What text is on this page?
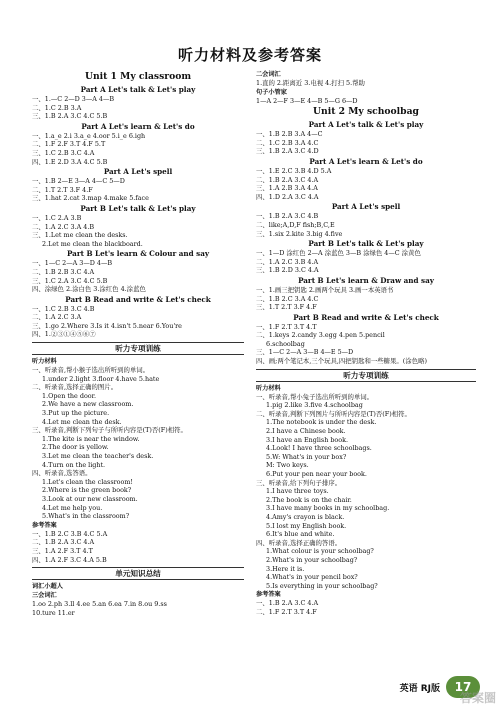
听力材料及参考答案
Unit 1 My classroom
Part A Let's talk & Let's play
一、1.—C 2—D 3—A 4—B
二、1.C 2.B 3.A
三、1.B 2.A 3.C 4.C 5.B
Part A Let's learn & Let's do
一、1.a_e 2.i 3.a_e 4.oor 5.i_e 6.igh
二、1.F 2.F 3.T 4.F 5.T
三、1.C 2.B 3.C 4.A
四、1.E 2.D 3.A 4.C 5.B
Part A Let's spell
一、1.B 2—E 3—A 4—C 5—D
二、1.T 2.T 3.F 4.F
三、1.hat 2.cat 3.map 4.make 5.face
Part B Let's talk & Let's play
一、1.C 2.A 3.B
二、1.A 2.C 3.A 4.B
三、1.Let me clean the desks.
2.Let me clean the blackboard.
Part B Let's learn & Colour and say
一、1—C 2—A 3—D 4—B
二、1.B 2.B 3.C 4.A
三、1.C 2.A 3.C 4.C 5.B
四、涂绿色 2.涂白色 3.涂红色 4.涂蓝色
Part B Read and write & Let's check
一、1.C 2.B 3.C 4.B
二、1.A 2.C 3.A
三、1.go 2.Where 3.Is it 4.isn't 5.near 6.You're
四、1.②③①④⑤⑥⑦
听力专项训练
听力材料
一、听录音,帮小猴子选出所听到的单词。
1.under 2.light 3.floor 4.have 5.hate
二、听录音,选择正确的图片。
1.Open the door.
2.We have a new classroom.
3.Put up the picture.
4.Let me clean the desk.
三、听录音,判断下列句子与所听内容是(T)否(F)相符。
1.The kite is near the window.
2.The door is yellow.
3.Let me clean the teacher's desk.
4.Turn on the light.
四、听录音,选答语。
1.Let's clean the classroom!
2.Where is the green book?
3.Look at our new classroom.
4.Let me help you.
5.What's in the classroom?
参考答案
一、1.B 2.C 3.B 4.C 5.A
二、1.B 2.A 3.C 4.A
三、1.A 2.F 3.T 4.T
四、1.A 2.F 3.C 4.A 5.B
单元知识总结
词汇小超人
三会词汇
1.oo 2.ph 3.ll 4.ee 5.an 6.ea 7.in 8.ou 9.ss
10.ture 11.er
二会词汇
1.直的 2.距离近 3.电视 4.打扫 5.帮助
句子小管家
1—A 2—F 3—E 4—B 5—G 6—D
Unit 2 My schoolbag
Part A Let's talk & Let's play
一、1.B 2.B 3.A 4—C
二、1.C 2.B 3.A 4.C
三、1.B 2.A 3.C 4.D
Part A Let's learn & Let's do
一、1.E 2.C 3.B 4.D 5.A
二、1.B 2.A 3.C 4.A
三、1.A 2.B 3.A 4.A
四、1.D 2.A 3.C 4.A
Part A Let's spell
一、1.B 2.A 3.C 4.B
二、like;A,D,F fish;B,C,E
三、1.six 2.kite 3.big 4.five
Part B Let's talk & Let's play
一、1—D 涂红色 2—A 涂蓝色 3—B 涂绿色 4—C 涂黄色
二、1.A 2.C 3.B 4.A
三、1.B 2.D 3.C 4.A
Part B Let's learn & Draw and say
一、1.画三把钥匙 2.画两个玩具 3.画一本英语书
二、1.B 2.C 3.A 4.C
三、1.T 2.T 3.F 4.F
Part B Read and write & Let's check
一、1.F 2.T 3.T 4.T
二、1.keys 2.candy 3.egg 4.pen 5.pencil
6.schoolbag
三、1—C 2—A 3—B 4—E 5—D
四、画;两个笔记本,三个玩具,四把钥匙和一些糖果。(涂色略)
听力专项训练
听力材料
一、听录音,帮小兔子选出所听到的单词。
1.pig 2.like 3.five 4.schoolbag
二、听录音,判断下列图片与所听内容是(T)否(F)相符。
1.The notebook is under the desk.
2.I have a Chinese book.
3.I have an English book.
4.Look! I have three schoolbags.
5.W: What's in your box?
M: Two keys.
6.Put your pen near your book.
三、听录音,给下列句子排序。
1.I have three toys.
2.The book is on the chair.
3.I have many books in my schoolbag.
4.Amy's crayon is black.
5.I lost my English book.
6.It's blue and white.
四、听录音,选择正确的答语。
1.What colour is your schoolbag?
2.What's in your schoolbag?
3.Here it is.
4.What's in your pencil box?
5.Is everything in your schoolbag?
参考答案
一、1.B 2.A 3.C 4.A
二、1.F 2.T 3.T 4.F
英语 RJ版	17
答案圈
